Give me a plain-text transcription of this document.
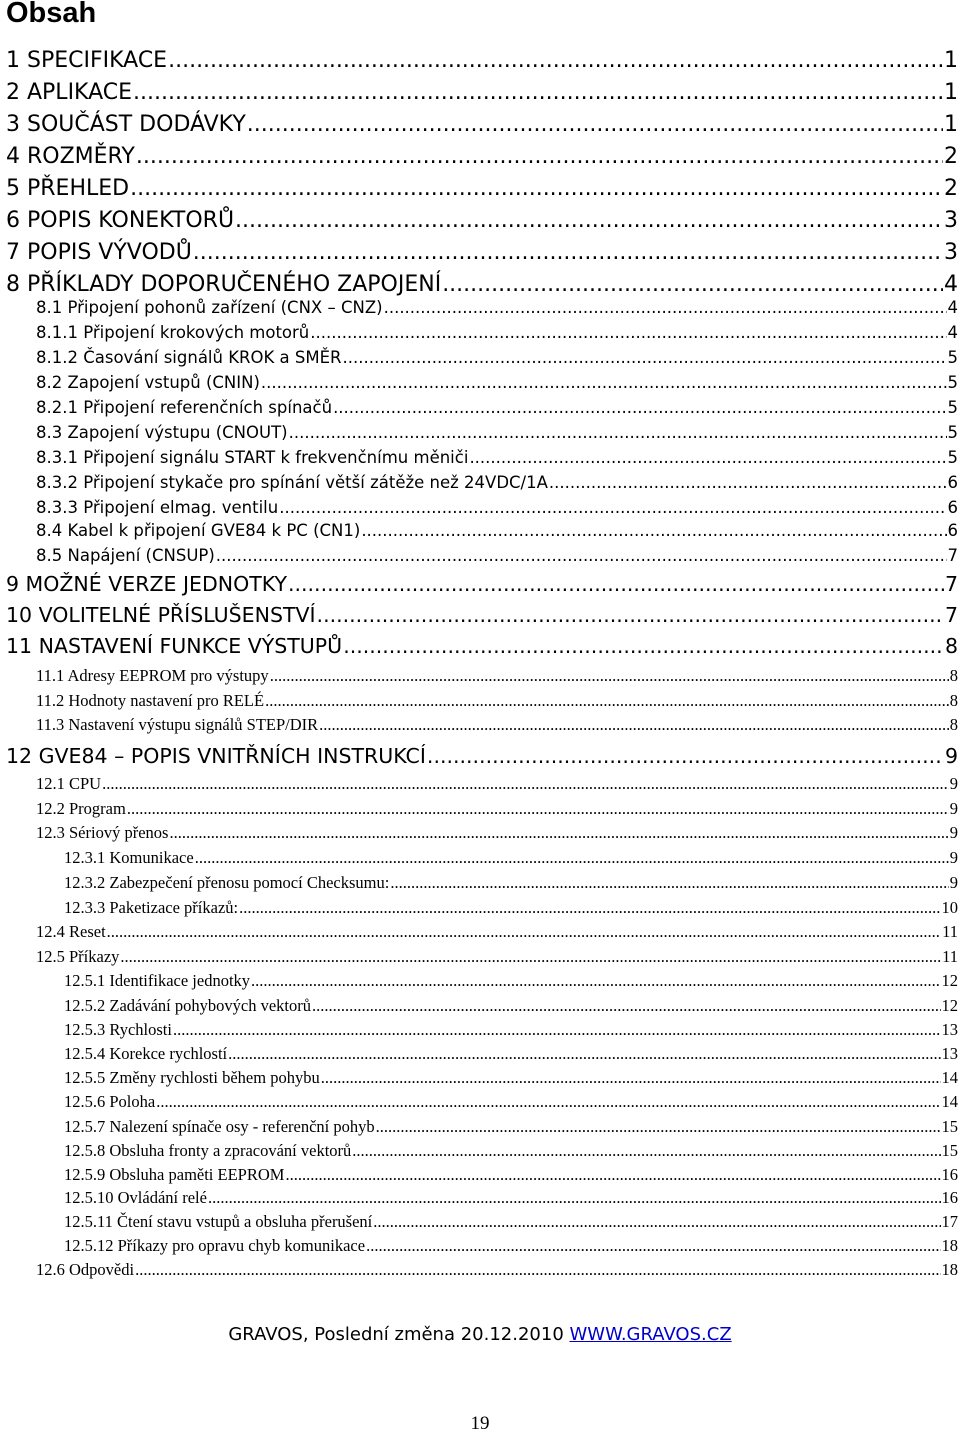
Obsah
1 SPECIFIKACE .....	1
2 APLIKACE .....	1
3 SOUČÁST DODÁVKY .....	1
4 ROZMĚRY .....	2
5 PŘEHLED .....	2
6 POPIS KONEKTORŮ .....	3
7 POPIS VÝVODŮ .....	3
8 PŘÍKLADY DOPORUČENÉHO ZAPOJENÍ .....	4
8.1 Připojení pohonů zařízení (CNX – CNZ) .....	4
8.1.1 Připojení krokových motorů .....	4
8.1.2 Časování signálů KROK a SMĚR .....	5
8.2 Zapojení vstupů (CNIN) .....	5
8.2.1 Připojení referenčních spínačů .....	5
8.3 Zapojení výstupu (CNOUT) .....	5
8.3.1 Připojení signálu START k frekvenčnímu měniči .....	5
8.3.2 Připojení stykače pro spínání větší zátěže než 24VDC/1A .....	6
8.3.3 Připojení elmag. ventilu .....	6
8.4 Kabel k připojení GVE84 k PC (CN1) .....	6
8.5 Napájení (CNSUP) .....	7
9 MOŽNÉ VERZE JEDNOTKY .....	7
10 VOLITELNÉ PŘÍSLUŠENSTVÍ .....	7
11 NASTAVENÍ FUNKCE VÝSTUPŮ .....	8
11.1 Adresy EEPROM pro výstupy .....	8
11.2 Hodnoty nastavení pro RELÉ .....	8
11.3 Nastavení výstupu signálů STEP/DIR .....	8
12 GVE84 – POPIS VNITŘNÍCH INSTRUKCÍ .....	9
12.1 CPU .....	9
12.2 Program .....	9
12.3 Sériový přenos .....	9
12.3.1 Komunikace .....	9
12.3.2 Zabezpečení přenosu pomocí Checksumu: .....	9
12.3.3 Paketizace příkazů: .....	10
12.4 Reset .....	11
12.5 Příkazy .....	11
12.5.1 Identifikace jednotky .....	12
12.5.2 Zadávání pohybových vektorů .....	12
12.5.3 Rychlosti .....	13
12.5.4 Korekce rychlostí .....	13
12.5.5 Změny rychlosti během pohybu .....	14
12.5.6 Poloha .....	14
12.5.7 Nalezení spínače osy - referenční pohyb .....	15
12.5.8 Obsluha fronty a zpracování vektorů .....	15
12.5.9 Obsluha paměti EEPROM .....	16
12.5.10 Ovládání relé .....	16
12.5.11 Čtení stavu vstupů a obsluha přerušení .....	17
12.5.12 Příkazy pro opravu chyb komunikace .....	18
12.6 Odpovědi .....	18
GRAVOS, Poslední změna 20.12.2010 WWW.GRAVOS.CZ
19
